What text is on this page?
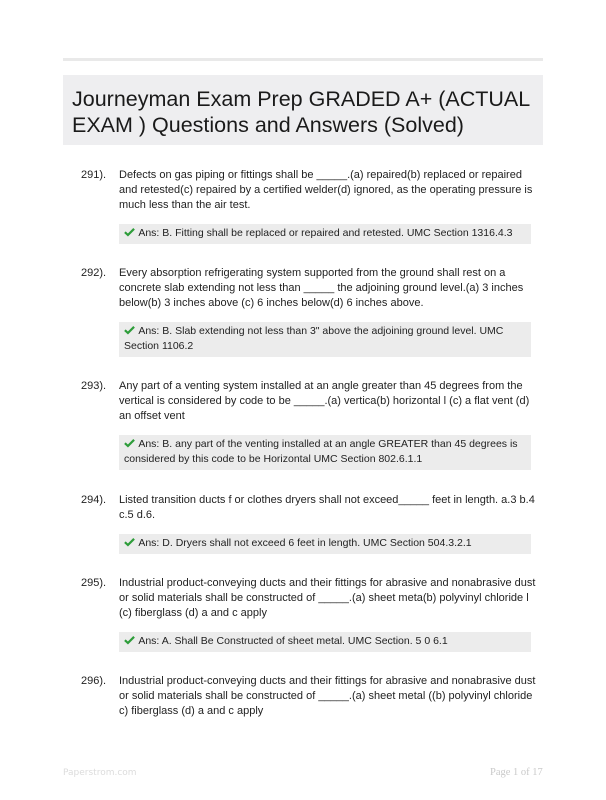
Journeyman Exam Prep GRADED A+ (ACTUAL EXAM ) Questions and Answers (Solved)
291). Defects on gas piping or fittings shall be _____.(a) repaired(b) replaced or repaired and retested(c) repaired by a certified welder(d) ignored, as the operating pressure is much less than the air test.
Ans: B. Fitting shall be replaced or repaired and retested. UMC Section 1316.4.3
292). Every absorption refrigerating system supported from the ground shall rest on a concrete slab extending not less than _____ the adjoining ground level.(a) 3 inches below(b) 3 inches above (c) 6 inches below(d) 6 inches above.
Ans: B. Slab extending not less than 3" above the adjoining ground level. UMC Section 1106.2
293). Any part of a venting system installed at an angle greater than 45 degrees from the vertical is considered by code to be _____.(a) vertica(b) horizontal l (c) a flat vent (d) an offset vent
Ans: B. any part of the venting installed at an angle GREATER than 45 degrees is considered by this code to be Horizontal UMC Section 802.6.1.1
294). Listed transition ducts f or clothes dryers shall not exceed_____ feet in length. a.3 b.4 c.5 d.6.
Ans: D. Dryers shall not exceed 6 feet in length. UMC Section 504.3.2.1
295). Industrial product-conveying ducts and their fittings for abrasive and nonabrasive dust or solid materials shall be constructed of _____.(a) sheet meta(b) polyvinyl chloride l (c) fiberglass (d) a and c apply
Ans: A. Shall Be Constructed of sheet metal. UMC Section. 5 0 6.1
296). Industrial product-conveying ducts and their fittings for abrasive and nonabrasive dust or solid materials shall be constructed of _____.(a) sheet metal ((b) polyvinyl chloride c) fiberglass (d) a and c apply
Paperstrom.com	Page 1 of 17
